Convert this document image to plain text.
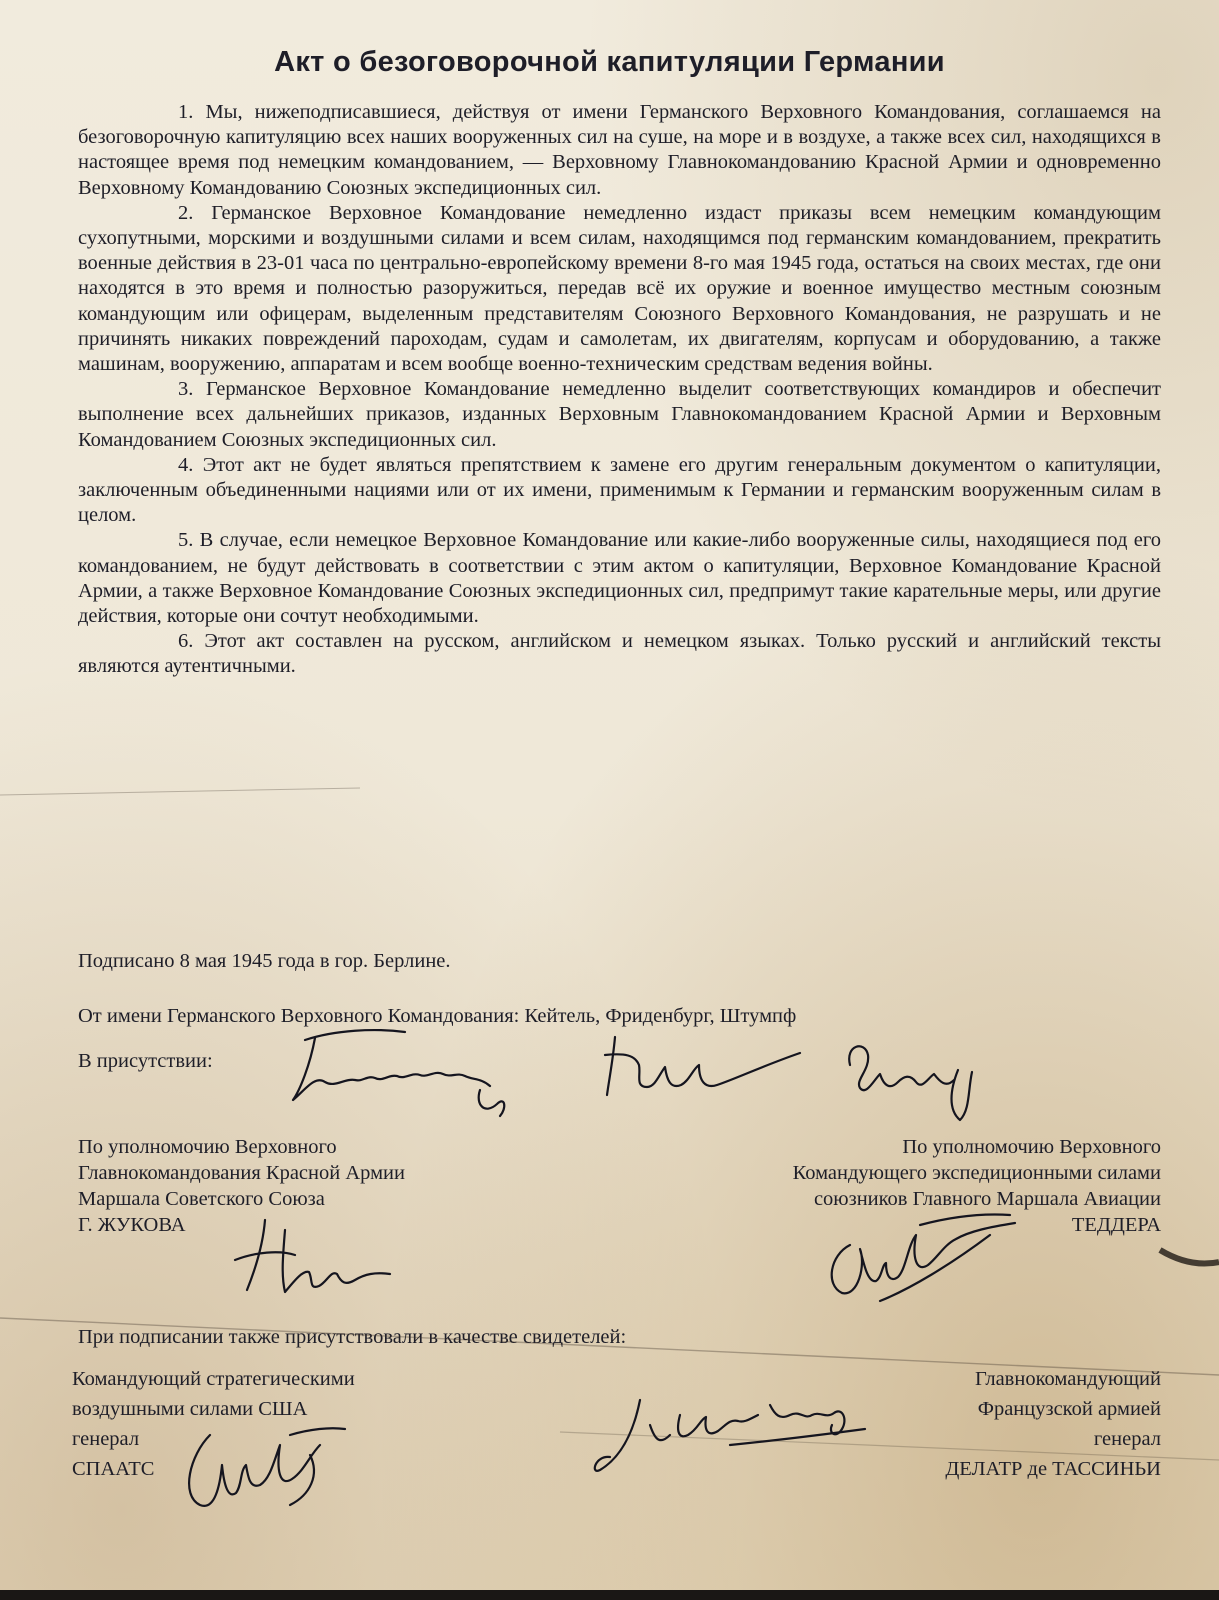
Акт о безоговорочной капитуляции Германии

1. Мы, нижеподписавшиеся, действуя от имени Германского Верховного Командования, соглашаемся на безоговорочную капитуляцию всех наших вооруженных сил на суше, на море и в воздухе, а также всех сил, находящихся в настоящее время под немецким командованием, — Верховному Главнокомандованию Красной Армии и одновременно Верховному Командованию Союзных экспедиционных сил.

2. Германское Верховное Командование немедленно издаст приказы всем немецким командующим сухопутными, морскими и воздушными силами и всем силам, находящимся под германским командованием, прекратить военные действия в 23-01 часа по центрально-европейскому времени 8-го мая 1945 года, остаться на своих местах, где они находятся в это время и полностью разоружиться, передав всё их оружие и военное имущество местным союзным командующим или офицерам, выделенным представителям Союзного Верховного Командования, не разрушать и не причинять никаких повреждений пароходам, судам и самолетам, их двигателям, корпусам и оборудованию, а также машинам, вооружению, аппаратам и всем вообще военно-техническим средствам ведения войны.

3. Германское Верховное Командование немедленно выделит соответствующих командиров и обеспечит выполнение всех дальнейших приказов, изданных Верховным Главнокомандованием Красной Армии и Верховным Командованием Союзных экспедиционных сил.

4. Этот акт не будет являться препятствием к замене его другим генеральным документом о капитуляции, заключенным объединенными нациями или от их имени, применимым к Германии и германским вооруженным силам в целом.

5. В случае, если немецкое Верховное Командование или какие-либо вооруженные силы, находящиеся под его командованием, не будут действовать в соответствии с этим актом о капитуляции, Верховное Командование Красной Армии, а также Верховное Командование Союзных экспедиционных сил, предпримут такие карательные меры, или другие действия, которые они сочтут необходимыми.

6. Этот акт составлен на русском, английском и немецком языках. Только русский и английский тексты являются аутентичными.

Подписано 8 мая 1945 года в гор. Берлине.
От имени Германского Верховного Командования: Кейтель, Фриденбург, Штумпф
В присутствии:
По уполномочию Верховного
Главнокомандования Красной Армии
Маршала Советского Союза
Г. ЖУКОВА
По уполномочию Верховного
Командующего экспедиционными силами
союзников Главного Маршала Авиации
ТЕДДЕРА
При подписании также присутствовали в качестве свидетелей:
Командующий стратегическими
воздушными силами США
генерал
СПААТС
Главнокомандующий
Французской армией
генерал
ДЕЛАТР де ТАССИНЬИ
